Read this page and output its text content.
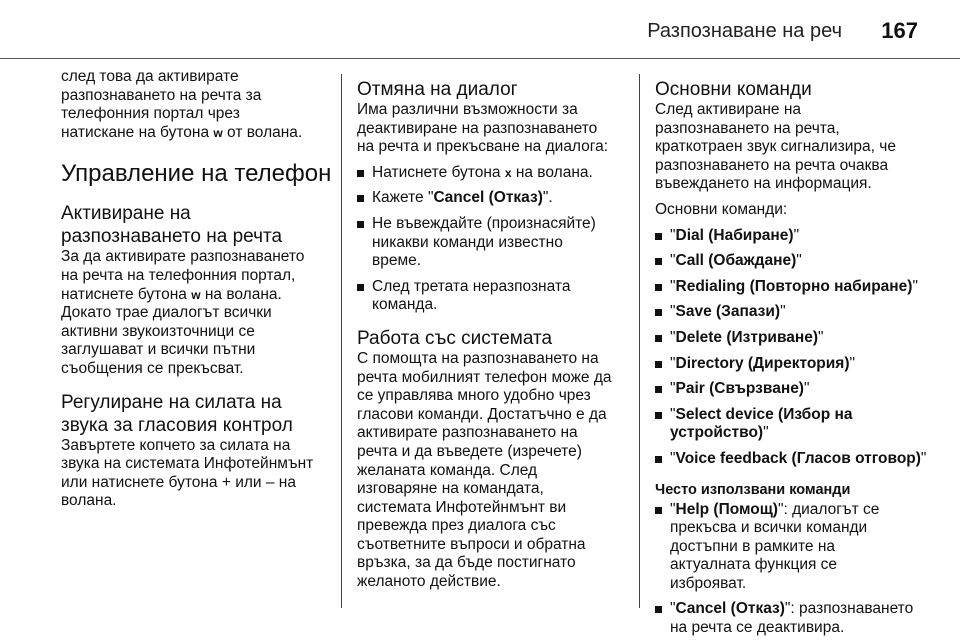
Разпознаване на реч 167

след това да активирате
разпознаването на речта за
телефонния портал чрез
натискане на бутона w от волана.

Управление на телефон
Активиране на
разпознаването на речта

За да активирате разпознаването
на речта на телефонния портал,
натиснете бутона w на волана.
Докато трае диалогът всички
активни звукоизточници се
заглушават и всички пътни
съобщения се прекъсват.

Регулиране на силата на
звука за гласовия контрол

Завъртете копчето за силата на
звука на системата Инфотейнмънт
или натиснете бутона + или – на
волана.

Отмяна на диалог

Има различни възможности за
деактивиране на разпознаването
на речта и прекъсване на диалога:

Натиснете бутона x на волана.
Кажете "Cancel (Отказ)".
Не въвеждайте (произнасяйте)
никакви команди известно
време.
След третата неразпозната
команда.
Работа със системата

С помощта на разпознаването на
речта мобилният телефон може да
се управлява много удобно чрез
гласови команди. Достатъчно е да
активирате разпознаването на
речта и да въведете (изречете)
желаната команда. След
изговаряне на командата,
системата Инфотейнмънт ви
превежда през диалога със
съответните въпроси и обратна
връзка, за да бъде постигнато
желаното действие.

Основни команди

След активиране на
разпознаването на речта,
краткотраен звук сигнализира, че
разпознаването на речта очаква
въвеждането на информация.

Основни команди:

"Dial (Набиране)"
"Call (Обаждане)"
"Redialing (Повторно набиране)"
"Save (Запази)"
"Delete (Изтриване)"
"Directory (Директория)"
"Pair (Свързване)"
"Select device (Избор на
устройство)"
"Voice feedback (Гласов отговор)"
Често използвани команди
"Help (Помощ)": диалогът се
прекъсва и всички команди
достъпни в рамките на
актуалната функция се
изброяват.
"Cancel (Отказ)": разпознаването
на речта се деактивира.
